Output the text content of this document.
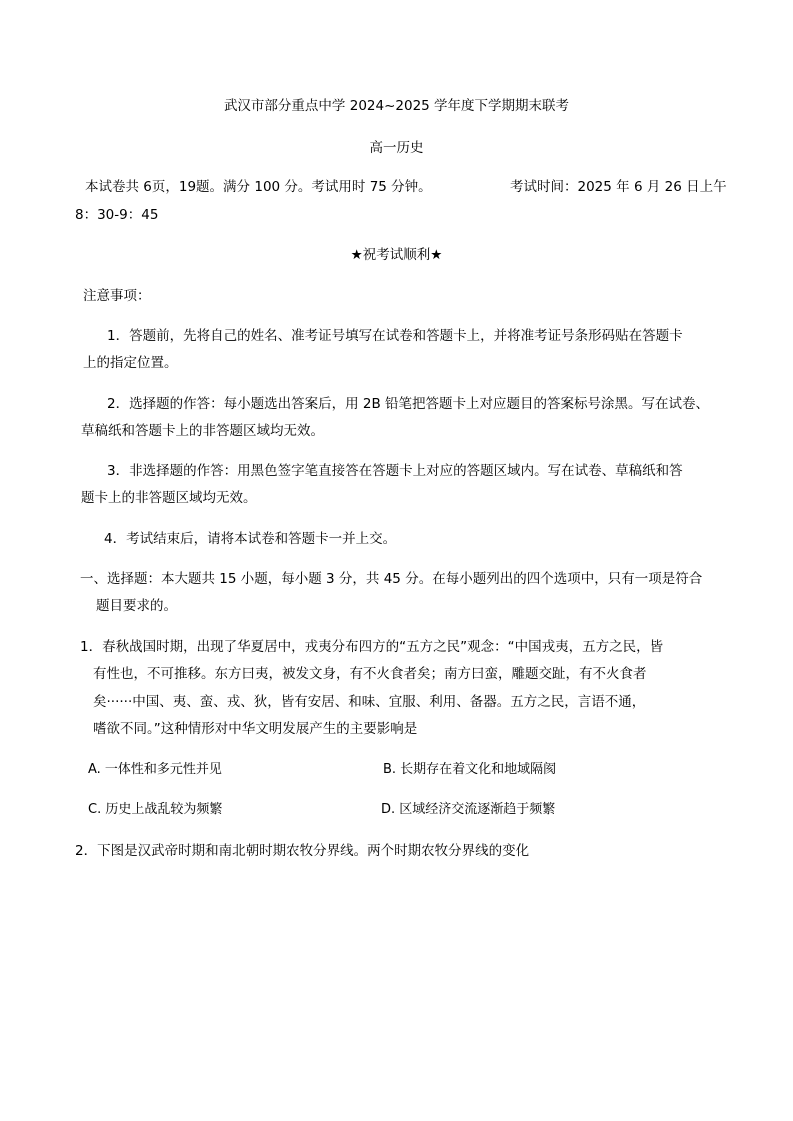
武汉市部分重点中学 2024~2025 学年度下学期期末联考
高一历史
本试卷共 6页，19题。满分 100 分。考试用时 75 分钟。	考试时间：2025 年 6 月 26 日上午
8：30-9：45
★祝考试顺利★
注意事项：
1．答题前，先将自己的姓名、准考证号填写在试卷和答题卡上，并将准考证号条形码贴在答题卡
上的指定位置。
2．选择题的作答：每小题选出答案后，用 2B 铅笔把答题卡上对应题目的答案标号涂黑。写在试卷、
草稿纸和答题卡上的非答题区域均无效。
3．非选择题的作答：用黑色签字笔直接答在答题卡上对应的答题区域内。写在试卷、草稿纸和答
题卡上的非答题区域均无效。
4．考试结束后，请将本试卷和答题卡一并上交。
一、选择题：本大题共 15 小题，每小题 3 分，共 45 分。在每小题列出的四个选项中，只有一项是符合
题目要求的。
1．春秋战国时期，出现了华夏居中，戎夷分布四方的“五方之民”观念：“中国戎夷，五方之民，皆
有性也，不可推移。东方曰夷，被发文身，有不火食者矣；南方曰蛮，雕题交趾，有不火食者
矣······中国、夷、蛮、戎、狄，皆有安居、和味、宜服、利用、备器。五方之民，言语不通，
嗜欲不同。”这种情形对中华文明发展产生的主要影响是
A. 一体性和多元性并见	B. 长期存在着文化和地域隔阂
C. 历史上战乱较为频繁	D. 区域经济交流逐渐趋于频繁
2．下图是汉武帝时期和南北朝时期农牧分界线。两个时期农牧分界线的变化
